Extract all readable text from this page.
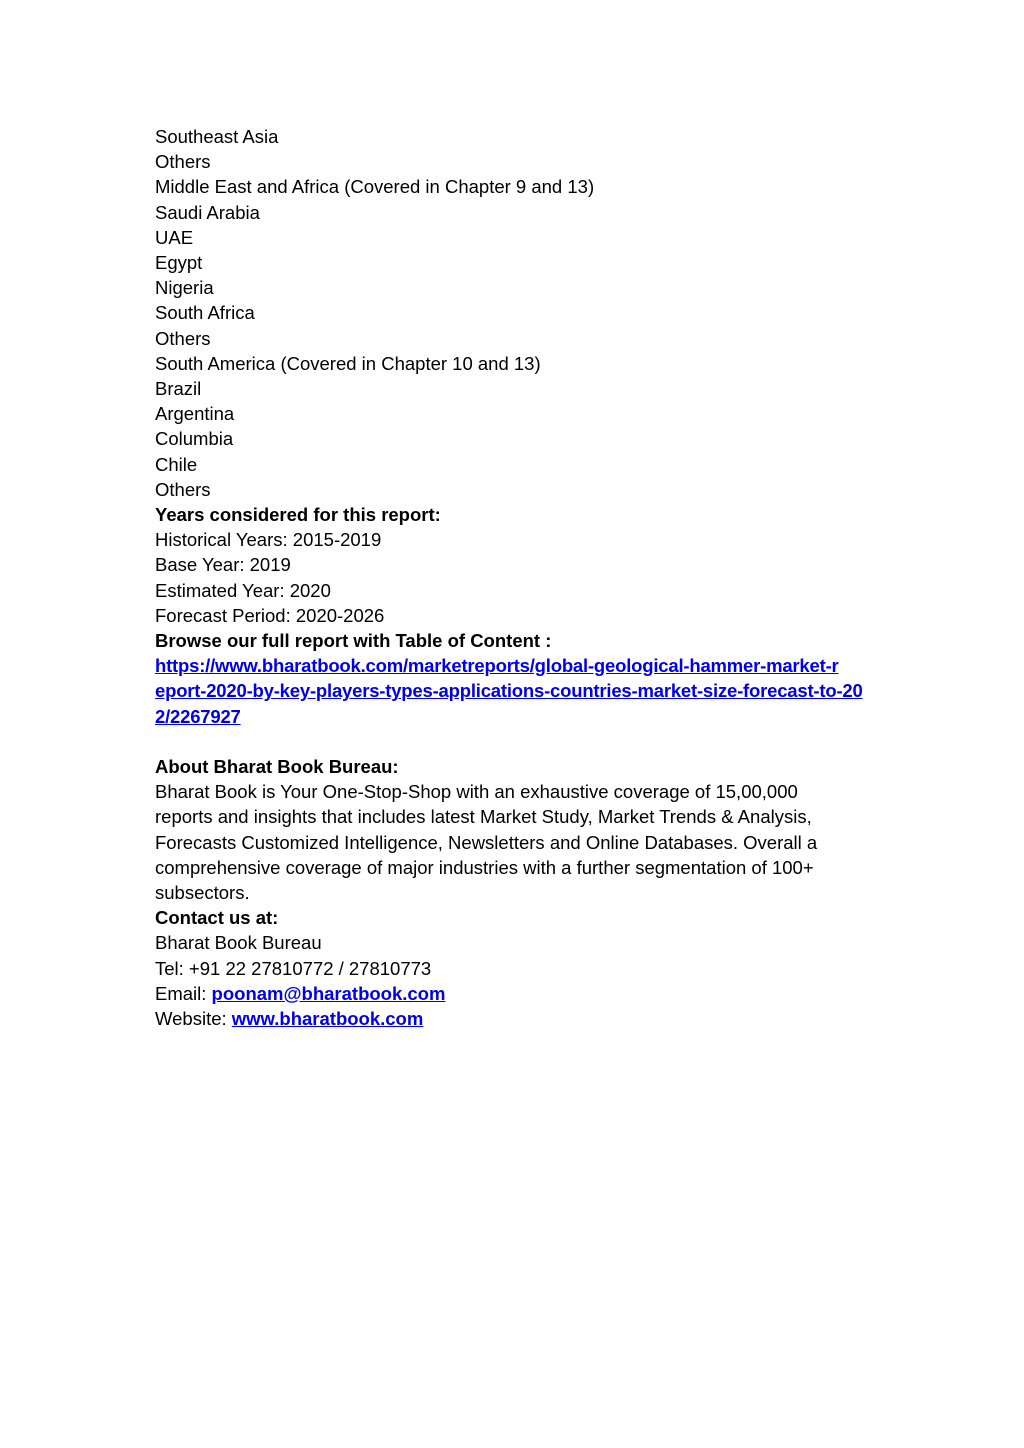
Southeast Asia
Others
Middle East and Africa (Covered in Chapter 9 and 13)
Saudi Arabia
UAE
Egypt
Nigeria
South Africa
Others
South America (Covered in Chapter 10 and 13)
Brazil
Argentina
Columbia
Chile
Others
Years considered for this report:
Historical Years: 2015-2019
Base Year: 2019
Estimated Year: 2020
Forecast Period: 2020-2026
Browse our full report with Table of Content :
https://www.bharatbook.com/marketreports/global-geological-hammer-market-r
eport-2020-by-key-players-types-applications-countries-market-size-forecast-to-20
2/2267927
About Bharat Book Bureau:
Bharat Book is Your One-Stop-Shop with an exhaustive coverage of 15,00,000
reports and insights that includes latest Market Study, Market Trends & Analysis,
Forecasts Customized Intelligence, Newsletters and Online Databases. Overall a
comprehensive coverage of major industries with a further segmentation of 100+
subsectors.
Contact us at:
Bharat Book Bureau
Tel: +91 22 27810772 / 27810773
Email: poonam@bharatbook.com
Website: www.bharatbook.com
